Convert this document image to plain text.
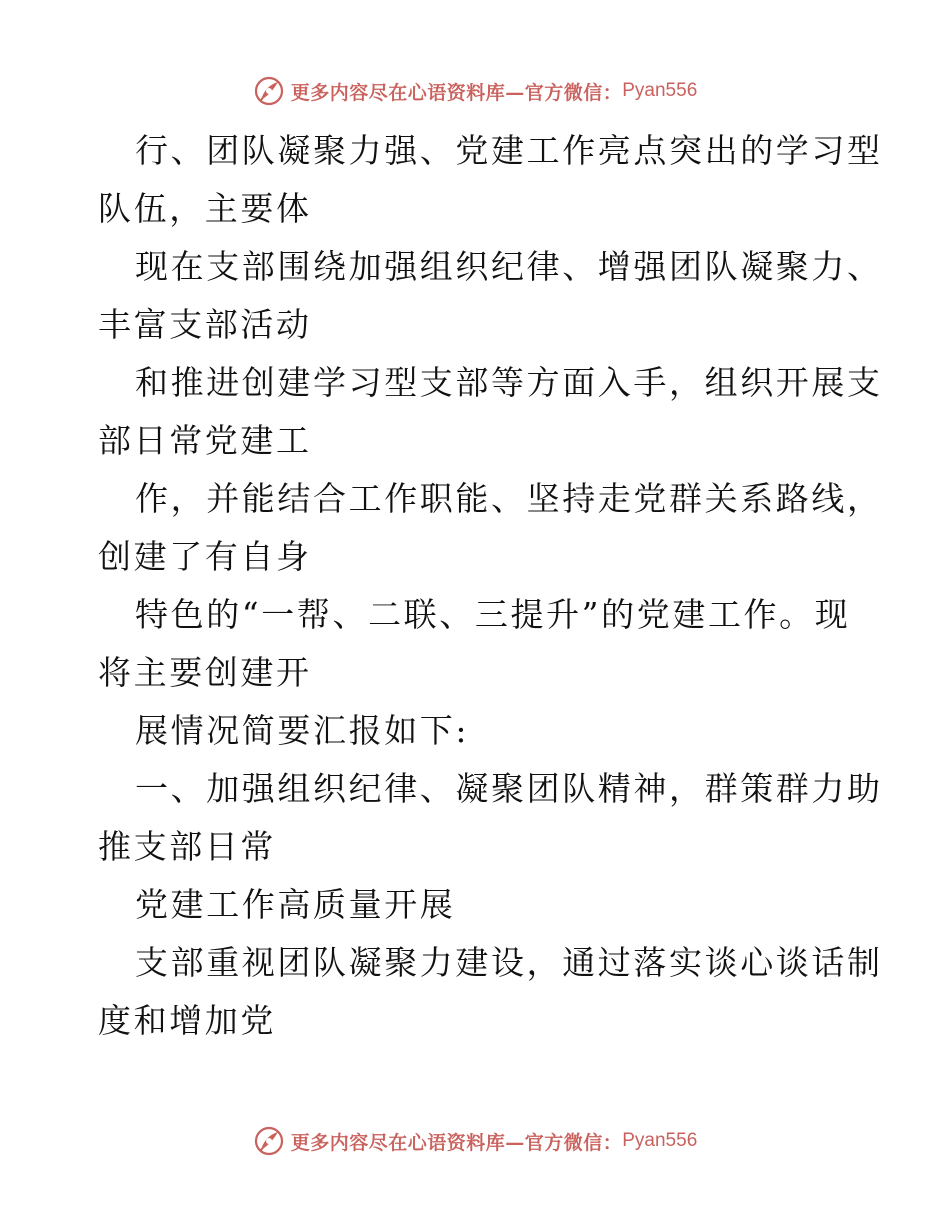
更多内容尽在心语资料库—官方微信： Pyan556
行、团队凝聚力强、党建工作亮点突出的学习型
队伍，主要体
现在支部围绕加强组织纪律、增强团队凝聚力、
丰富支部活动
和推进创建学习型支部等方面入手，组织开展支
部日常党建工
作，并能结合工作职能、坚持走党群关系路线，
创建了有自身
特色的“一帮、二联、三提升”的党建工作。现
将主要创建开
展情况简要汇报如下:
一、加强组织纪律、凝聚团队精神，群策群力助
推支部日常
党建工作高质量开展
支部重视团队凝聚力建设，通过落实谈心谈话制
度和增加党
更多内容尽在心语资料库—官方微信： Pyan556
